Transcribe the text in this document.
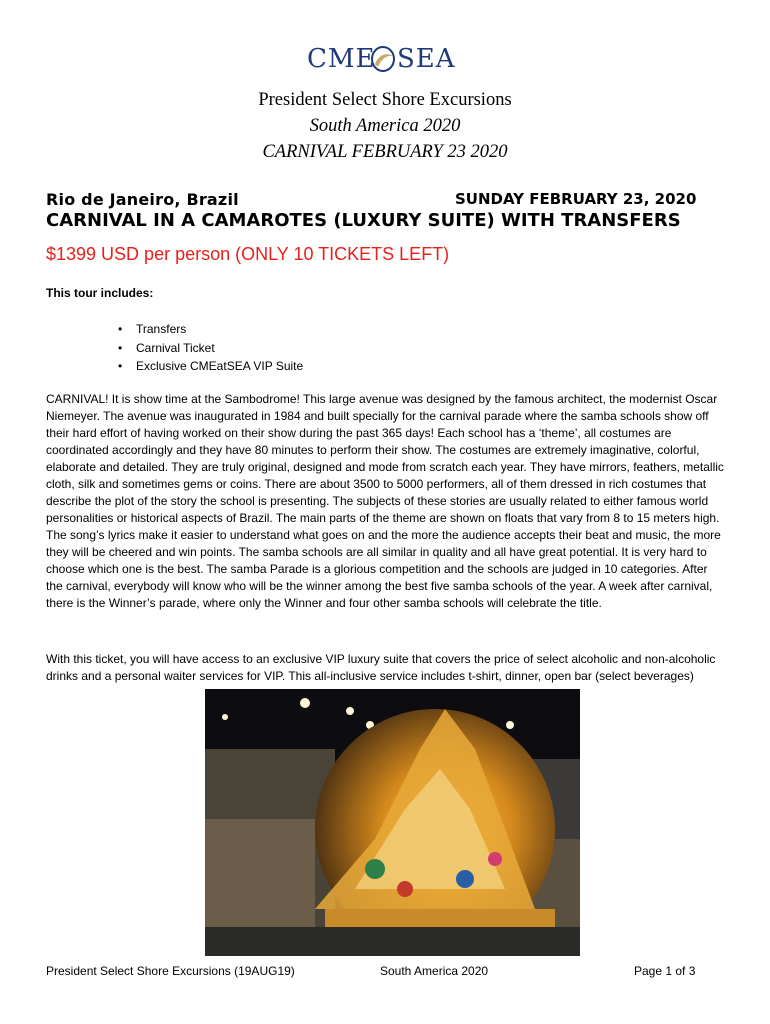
CME SEA
President Select Shore Excursions
South America 2020
CARNIVAL FEBRUARY 23 2020
Rio de Janeiro, Brazil	SUNDAY FEBRUARY 23, 2020
CARNIVAL IN A CAMAROTES (LUXURY SUITE) WITH TRANSFERS
$1399 USD per person (ONLY 10 TICKETS LEFT)
This tour includes:
• Transfers
• Carnival Ticket
• Exclusive CMEatSEA VIP Suite
CARNIVAL! It is show time at the Sambodrome! This large avenue was designed by the famous architect, the modernist Oscar Niemeyer. The avenue was inaugurated in 1984 and built specially for the carnival parade where the samba schools show off their hard effort of having worked on their show during the past 365 days! Each school has a ‘theme’, all costumes are coordinated accordingly and they have 80 minutes to perform their show. The costumes are extremely imaginative, colorful, elaborate and detailed. They are truly original, designed and mode from scratch each year. They have mirrors, feathers, metallic cloth, silk and sometimes gems or coins. There are about 3500 to 5000 performers, all of them dressed in rich costumes that describe the plot of the story the school is presenting. The subjects of these stories are usually related to either famous world personalities or historical aspects of Brazil. The main parts of the theme are shown on floats that vary from 8 to 15 meters high. The song’s lyrics make it easier to understand what goes on and the more the audience accepts their beat and music, the more they will be cheered and win points. The samba schools are all similar in quality and all have great potential. It is very hard to choose which one is the best. The samba Parade is a glorious competition and the schools are judged in 10 categories. After the carnival, everybody will know who will be the winner among the best five samba schools of the year. A week after carnival, there is the Winner’s parade, where only the Winner and four other samba schools will celebrate the title.
With this ticket, you will have access to an exclusive VIP luxury suite that covers the price of select alcoholic and non-alcoholic drinks and a personal waiter services for VIP. This all-inclusive service includes t-shirt, dinner, open bar (select beverages)
President Select Shore Excursions (19AUG19)	South America 2020	Page 1 of 3
